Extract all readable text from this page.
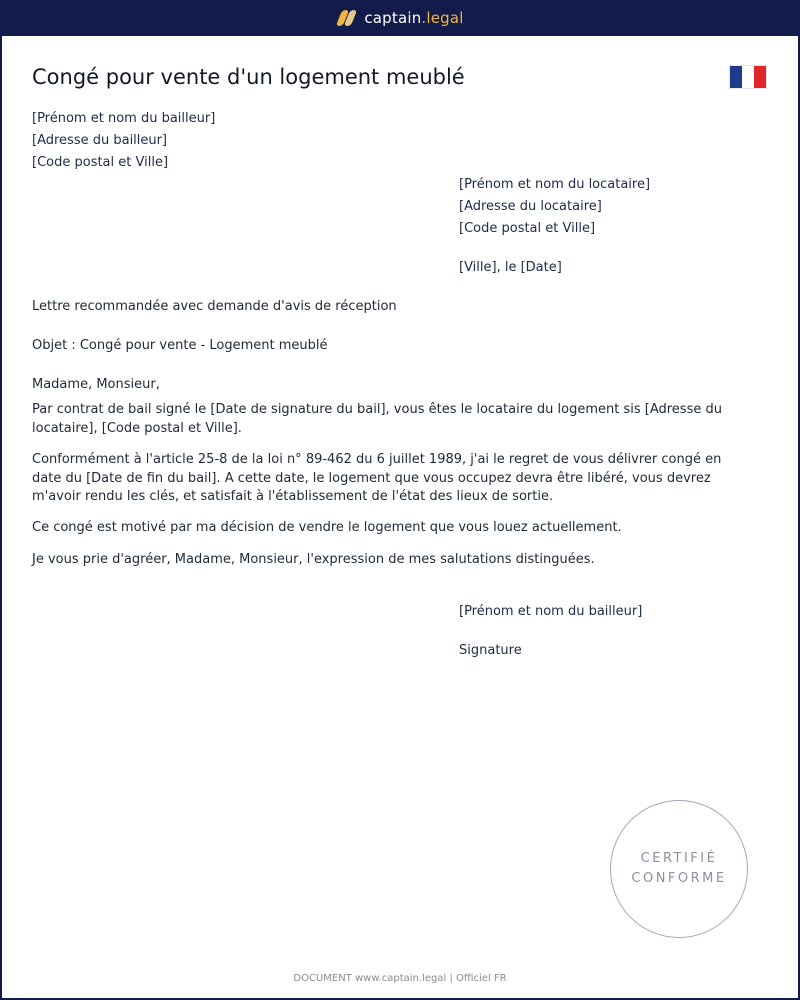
captain.legal
Congé pour vente d'un logement meublé
[Prénom et nom du bailleur]
[Adresse du bailleur]
[Code postal et Ville]
[Prénom et nom du locataire]
[Adresse du locataire]
[Code postal et Ville]
[Ville], le [Date]
Lettre recommandée avec demande d'avis de réception
Objet : Congé pour vente - Logement meublé
Madame, Monsieur,
Par contrat de bail signé le [Date de signature du bail], vous êtes le locataire du logement sis [Adresse du locataire], [Code postal et Ville].
Conformément à l'article 25-8 de la loi n° 89-462 du 6 juillet 1989, j'ai le regret de vous délivrer congé en date du [Date de fin du bail]. A cette date, le logement que vous occupez devra être libéré, vous devrez m'avoir rendu les clés, et satisfait à l'établissement de l'état des lieux de sortie.
Ce congé est motivé par ma décision de vendre le logement que vous louez actuellement.
Je vous prie d'agréer, Madame, Monsieur, l'expression de mes salutations distinguées.
[Prénom et nom du bailleur]
Signature
CERTIFIÉ
CONFORME
DOCUMENT www.captain.legal | Officiel FR
